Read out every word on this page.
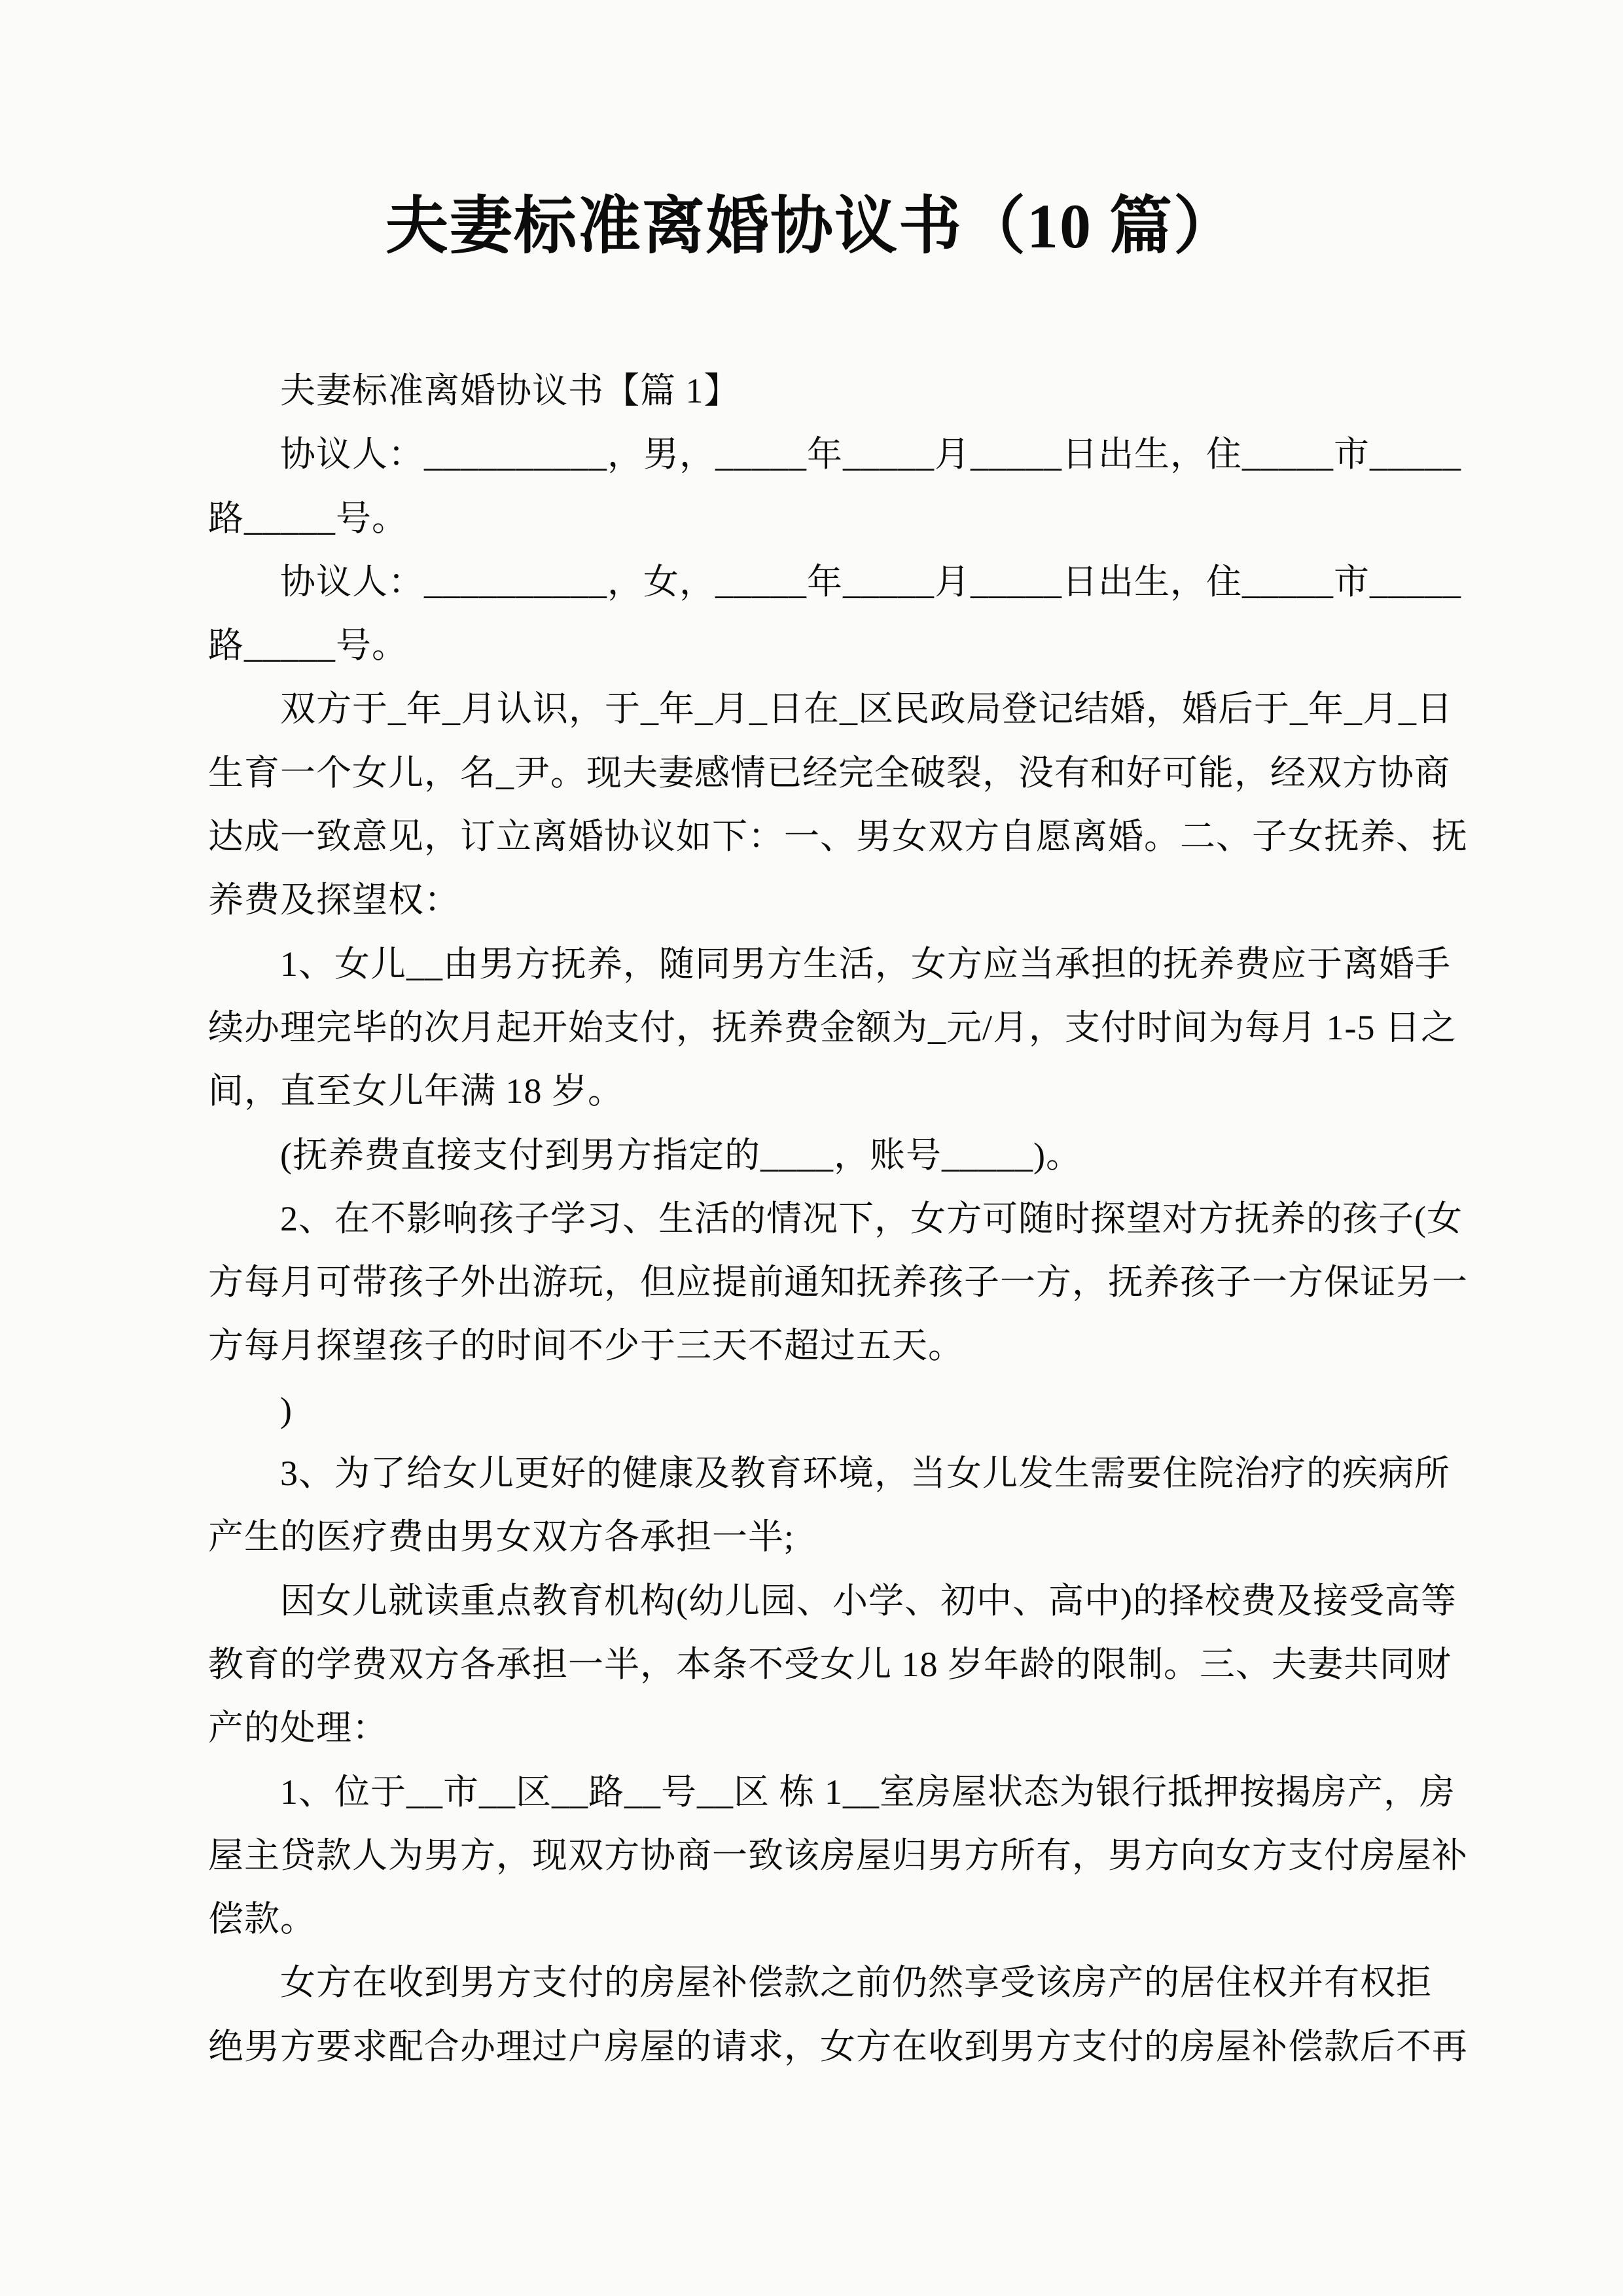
夫妻标准离婚协议书（10 篇）
夫妻标准离婚协议书【篇 1】
协议人：__________，男，_____年_____月_____日出生，住_____市_____
路_____号。
协议人：__________，女，_____年_____月_____日出生，住_____市_____
路_____号。
双方于_年_月认识，于_年_月_日在_区民政局登记结婚，婚后于_年_月_日
生育一个女儿，名_尹。现夫妻感情已经完全破裂，没有和好可能，经双方协商
达成一致意见，订立离婚协议如下：一、男女双方自愿离婚。二、子女抚养、抚
养费及探望权：
1、女儿__由男方抚养，随同男方生活，女方应当承担的抚养费应于离婚手
续办理完毕的次月起开始支付，抚养费金额为_元/月，支付时间为每月 1-5 日之
间，直至女儿年满 18 岁。
(抚养费直接支付到男方指定的____，账号_____)。
2、在不影响孩子学习、生活的情况下，女方可随时探望对方抚养的孩子(女
方每月可带孩子外出游玩，但应提前通知抚养孩子一方，抚养孩子一方保证另一
方每月探望孩子的时间不少于三天不超过五天。
)
3、为了给女儿更好的健康及教育环境，当女儿发生需要住院治疗的疾病所
产生的医疗费由男女双方各承担一半;
因女儿就读重点教育机构(幼儿园、小学、初中、高中)的择校费及接受高等
教育的学费双方各承担一半，本条不受女儿 18 岁年龄的限制。三、夫妻共同财
产的处理：
1、位于__市__区__路__号__区 栋 1__室房屋状态为银行抵押按揭房产，房
屋主贷款人为男方，现双方协商一致该房屋归男方所有，男方向女方支付房屋补
偿款。
女方在收到男方支付的房屋补偿款之前仍然享受该房产的居住权并有权拒
绝男方要求配合办理过户房屋的请求，女方在收到男方支付的房屋补偿款后不再
